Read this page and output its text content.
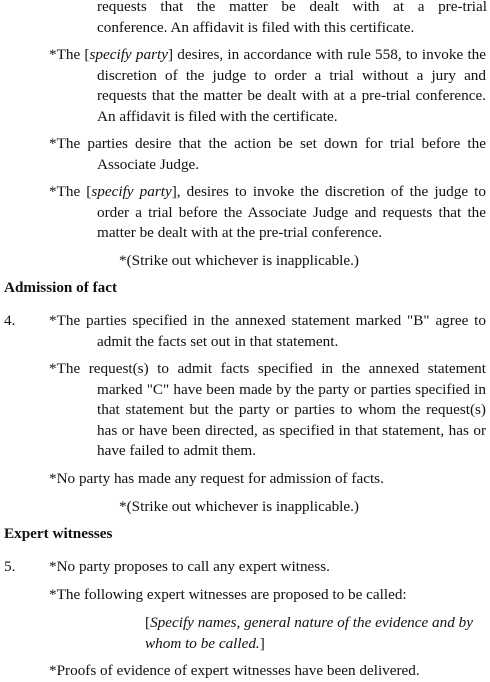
requests that the matter be dealt with at a pre-trial
conference. An affidavit is filed with this certificate.

*The [specify party] desires, in accordance with rule 558, to invoke the discretion of the judge to order a trial without a jury and requests that the matter be dealt with at a pre-trial conference. An affidavit is filed with the certificate.

*The parties desire that the action be set down for trial before the Associate Judge.

*The [specify party], desires to invoke the discretion of the judge to order a trial before the Associate Judge and requests that the matter be dealt with at the pre-trial conference.

*(Strike out whichever is inapplicable.)

Admission of fact

4. *The parties specified in the annexed statement marked "B" agree to admit the facts set out in that statement.

*The request(s) to admit facts specified in the annexed statement marked "C" have been made by the party or parties specified in that statement but the party or parties to whom the request(s) has or have been directed, as specified in that statement, has or have failed to admit them.

*No party has made any request for admission of facts.

*(Strike out whichever is inapplicable.)

Expert witnesses

5. *No party proposes to call any expert witness.

*The following expert witnesses are proposed to be called:

[Specify names, general nature of the evidence and by whom to be called.]

*Proofs of evidence of expert witnesses have been delivered.
